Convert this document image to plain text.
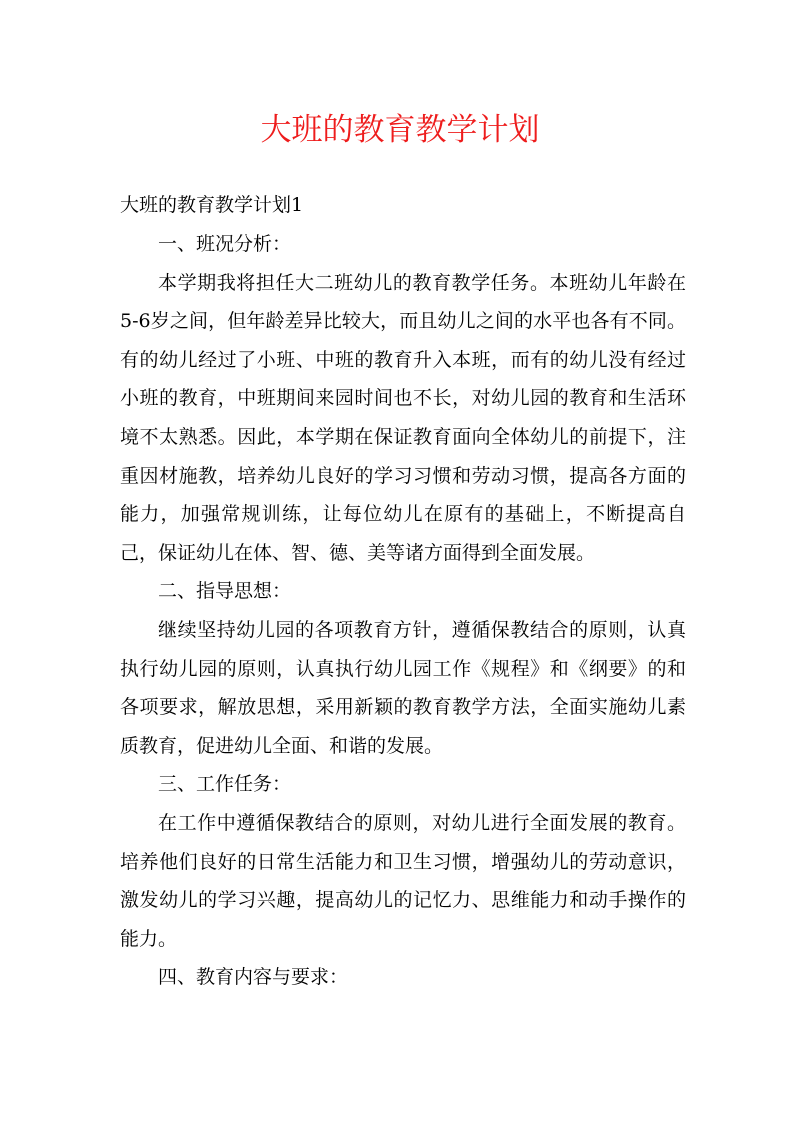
大班的教育教学计划
大班的教育教学计划1

一、班况分析：

本学期我将担任大二班幼儿的教育教学任务。本班幼儿年龄在5-6岁之间，但年龄差异比较大，而且幼儿之间的水平也各有不同。有的幼儿经过了小班、中班的教育升入本班，而有的幼儿没有经过小班的教育，中班期间来园时间也不长，对幼儿园的教育和生活环境不太熟悉。因此，本学期在保证教育面向全体幼儿的前提下，注重因材施教，培养幼儿良好的学习习惯和劳动习惯，提高各方面的能力，加强常规训练，让每位幼儿在原有的基础上，不断提高自己，保证幼儿在体、智、德、美等诸方面得到全面发展。

二、指导思想：

继续坚持幼儿园的各项教育方针，遵循保教结合的原则，认真执行幼儿园的原则，认真执行幼儿园工作《规程》和《纲要》的和各项要求，解放思想，采用新颖的教育教学方法，全面实施幼儿素质教育，促进幼儿全面、和谐的发展。

三、工作任务：

在工作中遵循保教结合的原则，对幼儿进行全面发展的教育。培养他们良好的日常生活能力和卫生习惯，增强幼儿的劳动意识，激发幼儿的学习兴趣，提高幼儿的记忆力、思维能力和动手操作的能力。

四、教育内容与要求：
